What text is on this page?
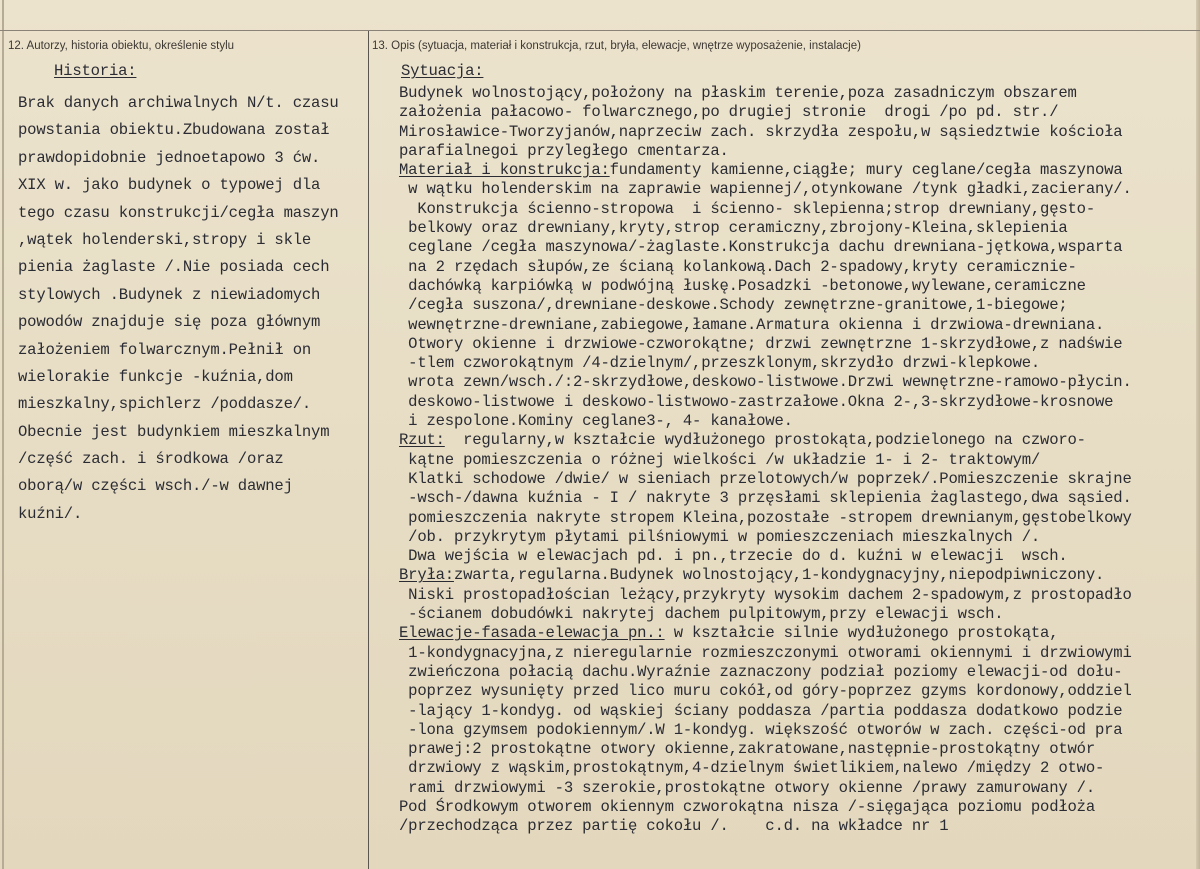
12. Autorzy, historia obiektu, określenie stylu	13. Opis (sytuacja, materiał i konstrukcja, rzut, bryła, elewacje, wnętrze wyposażenie, instalacje)
Historia:	Sytuacja:
Brak danych archiwalnych N/t. czasu
powstania obiektu.Zbudowana został
prawdopidobnie jednoetapowo 3 ćw.
XIX w. jako budynek o typowej dla
tego czasu konstrukcji/cegła maszyn
,wątek holenderski,stropy i skle
pienia żaglaste /.Nie posiada cech
stylowych .Budynek z niewiadomych
powodów znajduje się poza głównym
założeniem folwarcznym.Pełnił on
wielorakie funkcje -kuźnia,dom
mieszkalny,spichlerz /poddasze/.
Obecnie jest budynkiem mieszkalnym
/część zach. i środkowa /oraz
oborą/w części wsch./-w dawnej
kuźni/.
Budynek wolnostojący,położony na płaskim terenie,poza zasadniczym obszarem
założenia pałacowo- folwarcznego,po drugiej stronie  drogi /po pd. str./
Mirosławice-Tworzyjanów,naprzeciw zach. skrzydła zespołu,w sąsiedztwie kościoła
parafialnegoi przyległego cmentarza.
Materiał i konstrukcja:fundamenty kamienne,ciągłe; mury ceglane/cegła maszynowa
w wątku holenderskim na zaprawie wapiennej/,otynkowane /tynk gładki,zacierany/.
Konstrukcja ścienno-stropowa  i ścienno- sklepienna;strop drewniany,gęsto-
belkowy oraz drewniany,kryty,strop ceramiczny,zbrojony-Kleina,sklepienia
ceglane /cegła maszynowa/-żaglaste.Konstrukcja dachu drewniana-jętkowa,wsparta
na 2 rzędach słupów,ze ścianą kolankową.Dach 2-spadowy,kryty ceramicznie-
dachówką karpiówką w podwójną łuskę.Posadzki -betonowe,wylewane,ceramiczne
/cegła suszona/,drewniane-deskowe.Schody zewnętrzne-granitowe,1-biegowe;
wewnętrzne-drewniane,zabiegowe,łamane.Armatura okienna i drzwiowa-drewniana.
Otwory okienne i drzwiowe-czworokątne; drzwi zewnętrzne 1-skrzydłowe,z nadświe
-tlem czworokątnym /4-dzielnym/,przeszklonym,skrzydło drzwi-klepkowe.
wrota zewn/wsch./:2-skrzydłowe,deskowo-listwowe.Drzwi wewnętrzne-ramowo-płycin.
deskowo-listwowe i deskowo-listwowo-zastrzałowe.Okna 2-,3-skrzydłowe-krosnowe
i zespolone.Kominy ceglane3-, 4- kanałowe.
Rzut:  regularny,w kształcie wydłużonego prostokąta,podzielonego na czworo-
kątne pomieszczenia o różnej wielkości /w układzie 1- i 2- traktowym/
Klatki schodowe /dwie/ w sieniach przelotowych/w poprzek/.Pomieszczenie skrajne
-wsch-/dawna kuźnia - I / nakryte 3 przęsłami sklepienia żaglastego,dwa sąsied.
pomieszczenia nakryte stropem Kleina,pozostałe -stropem drewnianym,gęstobelkowy
/ob. przykrytym płytami pilśniowymi w pomieszczeniach mieszkalnych /.
Dwa wejścia w elewacjach pd. i pn.,trzecie do d. kuźni w elewacji  wsch.
Bryła:zwarta,regularna.Budynek wolnostojący,1-kondygnacyjny,niepodpiwniczony.
Niski prostopadłościan leżący,przykryty wysokim dachem 2-spadowym,z prostopadło
-ścianem dobudówki nakrytej dachem pulpitowym,przy elewacji wsch.
Elewacje-fasada-elewacja pn.: w kształcie silnie wydłużonego prostokąta,
1-kondygnacyjna,z nieregularnie rozmieszczonymi otworami okiennymi i drzwiowymi
zwieńczona połacią dachu.Wyraźnie zaznaczony podział poziomy elewacji-od dołu-
poprzez wysunięty przed lico muru cokół,od góry-poprzez gzyms kordonowy,oddziel
-lający 1-kondyg. od wąskiej ściany poddasza /partia poddasza dodatkowo podzie
-lona gzymsem podokiennym/.W 1-kondyg. większość otworów w zach. części-od pra
prawej:2 prostokątne otwory okienne,zakratowane,następnie-prostokątny otwór
drzwiowy z wąskim,prostokątnym,4-dzielnym świetlikiem,nalewo /między 2 otwo-
rami drzwiowymi -3 szerokie,prostokątne otwory okienne /prawy zamurowany /.
Pod Środkowym otworem okiennym czworokątna nisza /-sięgająca poziomu podłoża
/przechodząca przez partię cokołu /.    c.d. na wkładce nr 1
